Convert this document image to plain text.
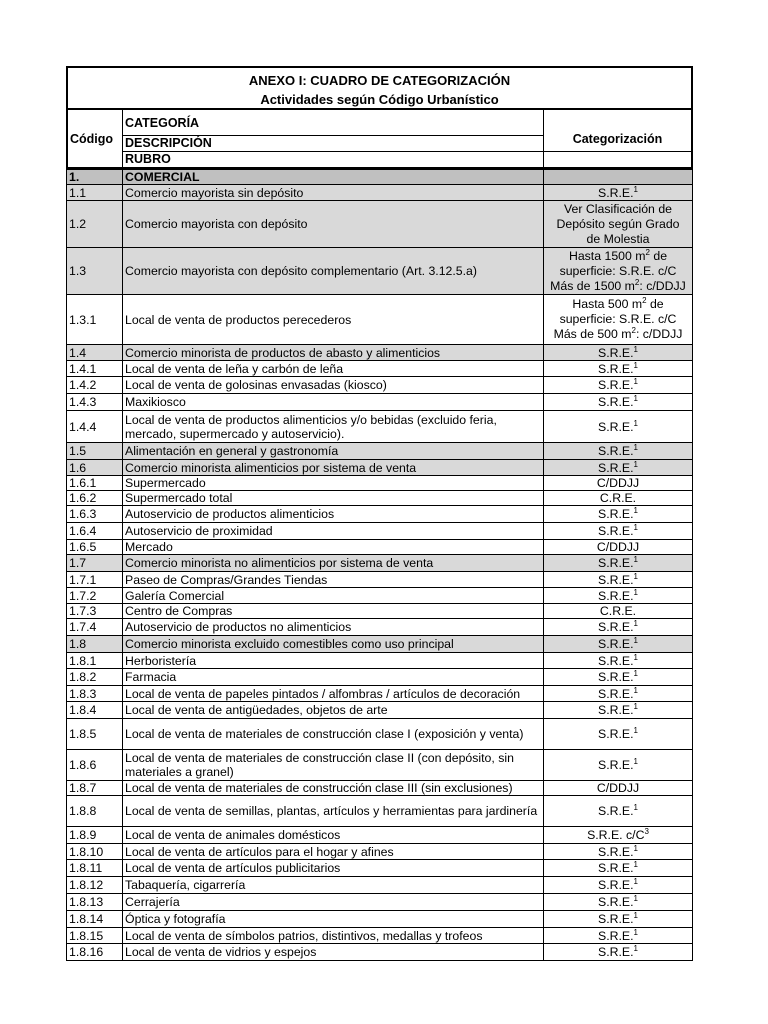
ANEXO I: CUADRO DE CATEGORIZACIÓN
Actividades según Código Urbanístico
Código
CATEGORÍA
DESCRIPCIÓN
RUBRO
Categorización
1.	COMERCIAL	
1.1	Comercio mayorista sin depósito	S.R.E.$^1$
1.2	Comercio mayorista con depósito	Ver Clasificación de Depósito según Grado de Molestia
1.3	Comercio mayorista con depósito complementario (Art. 3.12.5.a)	Hasta 1500 $m^2$ de
superficie: S.R.E. c/C
Más de 1500 $m^2$: c/DDJJ

1.3.1	Local de venta de productos perecederos	Hasta 500 $m^2$ de
superficie: S.R.E. c/C
Más de 500 $m^2$: c/DDJJ

1.4	Comercio minorista de productos de abasto y alimenticios	S.R.E.$^1$
1.4.1	Local de venta de leña y carbón de leña	S.R.E.$^1$
1.4.2	Local de venta de golosinas envasadas (kiosco)	S.R.E.$^1$
1.4.3	Maxikiosco	S.R.E.$^1$
1.4.4	Local de venta de productos alimenticios y/o bebidas (excluido feria, mercado, supermercado y autoservicio).	S.R.E.$^1$
1.5	Alimentación en general y gastronomía	S.R.E.$^1$
1.6	Comercio minorista alimenticios por sistema de venta	S.R.E.$^1$
1.6.1	Supermercado	C/DDJJ
1.6.2	Supermercado total	C.R.E.
1.6.3	Autoservicio de productos alimenticios	S.R.E.$^1$
1.6.4	Autoservicio de proximidad	S.R.E.$^1$
1.6.5	Mercado	C/DDJJ
1.7	Comercio minorista no alimenticios por sistema de venta	S.R.E.$^1$
1.7.1	Paseo de Compras/Grandes Tiendas	S.R.E.$^1$
1.7.2	Galería Comercial	S.R.E.$^1$
1.7.3	Centro de Compras	C.R.E.
1.7.4	Autoservicio de productos no alimenticios	S.R.E.$^1$
1.8	Comercio minorista excluido comestibles como uso principal	S.R.E.$^1$
1.8.1	Herboristería	S.R.E.$^1$
1.8.2	Farmacia	S.R.E.$^1$
1.8.3	Local de venta de papeles pintados / alfombras / artículos de decoración	S.R.E.$^1$
1.8.4	Local de venta de antigüedades, objetos de arte	S.R.E.$^1$
1.8.5	Local de venta de materiales de construcción clase I (exposición y venta)	S.R.E.$^1$
1.8.6	Local de venta de materiales de construcción clase II (con depósito, sin materiales a granel)	S.R.E.$^1$
1.8.7	Local de venta de materiales de construcción clase III (sin exclusiones)	C/DDJJ
1.8.8	Local de venta de semillas, plantas, artículos y herramientas para jardinería	S.R.E.$^1$
1.8.9	Local de venta de animales domésticos	S.R.E. $c/C^3$
1.8.10	Local de venta de artículos para el hogar y afines	S.R.E.$^1$
1.8.11	Local de venta de artículos publicitarios	S.R.E.$^1$
1.8.12	Tabaquería, cigarrería	S.R.E.$^1$
1.8.13	Cerrajería	S.R.E.$^1$
1.8.14	Óptica y fotografía	S.R.E.$^1$
1.8.15	Local de venta de símbolos patrios, distintivos, medallas y trofeos	S.R.E.$^1$
1.8.16	Local de venta de vidrios y espejos	S.R.E.$^1$
